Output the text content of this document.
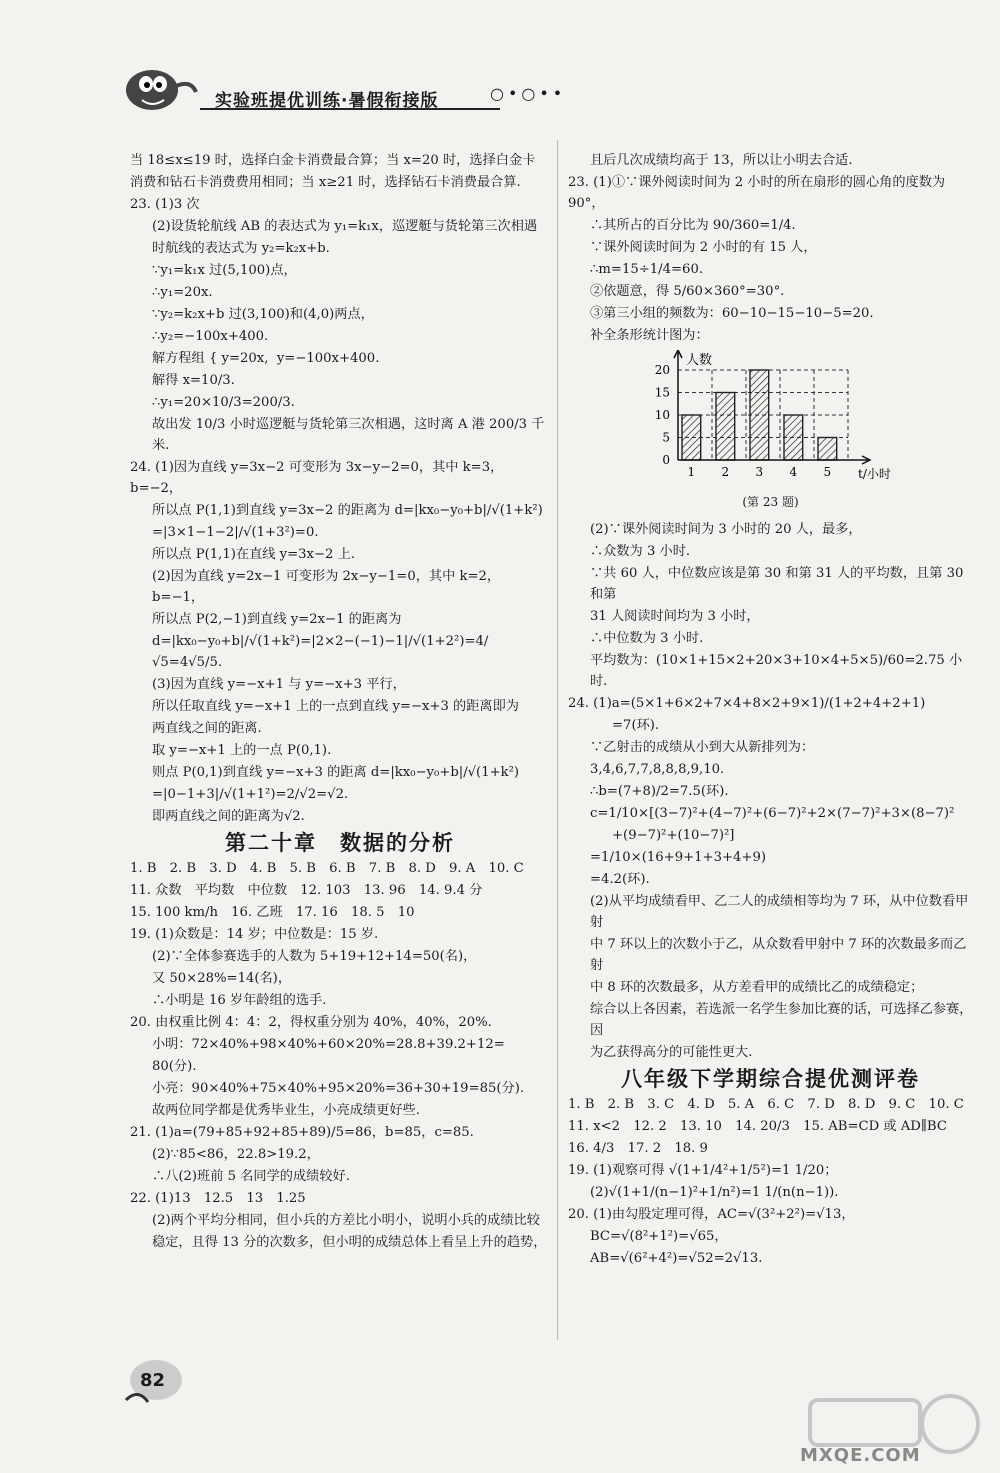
实验班提优训练·暑假衔接版	○•○••

当 18≤x≤19 时，选择白金卡消费最合算；当 x=20 时，选择白金卡

消费和钻石卡消费费用相同；当 x≥21 时，选择钻石卡消费最合算.

23. (1)3 次

(2)设货轮航线 AB 的表达式为 y₁=k₁x，巡逻艇与货轮第三次相遇

时航线的表达式为 y₂=k₂x+b.

∵y₁=k₁x 过(5,100)点，

∴y₁=20x.

∵y₂=k₂x+b 过(3,100)和(4,0)两点，

∴y₂=−100x+400.

解方程组 { y=20x,  y=−100x+400.

解得 x=10/3.

∴y₁=20×10/3=200/3.

故出发 10/3 小时巡逻艇与货轮第三次相遇，这时离 A 港 200/3 千米.

24. (1)因为直线 y=3x−2 可变形为 3x−y−2=0，其中 k=3，b=−2，

所以点 P(1,1)到直线 y=3x−2 的距离为 d=|kx₀−y₀+b|/√(1+k²)

=|3×1−1−2|/√(1+3²)=0.

所以点 P(1,1)在直线 y=3x−2 上.

(2)因为直线 y=2x−1 可变形为 2x−y−1=0，其中 k=2，b=−1，

所以点 P(2,−1)到直线 y=2x−1 的距离为

d=|kx₀−y₀+b|/√(1+k²)=|2×2−(−1)−1|/√(1+2²)=4/√5=4√5/5.

(3)因为直线 y=−x+1 与 y=−x+3 平行，

所以任取直线 y=−x+1 上的一点到直线 y=−x+3 的距离即为

两直线之间的距离.

取 y=−x+1 上的一点 P(0,1).

则点 P(0,1)到直线 y=−x+3 的距离 d=|kx₀−y₀+b|/√(1+k²)

=|0−1+3|/√(1+1²)=2/√2=√2.

即两直线之间的距离为√2.

第二十章　数据的分析

1. B　2. B　3. D　4. B　5. B　6. B　7. B　8. D　9. A　10. C

11. 众数　平均数　中位数　12. 103　13. 96　14. 9.4 分

15. 100 km/h　16. 乙班　17. 16　18. 5　10

19. (1)众数是：14 岁；中位数是：15 岁.

(2)∵全体参赛选手的人数为 5+19+12+14=50(名)，

又 50×28%=14(名)，

∴小明是 16 岁年龄组的选手.

20. 由权重比例 4：4：2，得权重分别为 40%，40%，20%.

小明：72×40%+98×40%+60×20%=28.8+39.2+12=

80(分).

小亮：90×40%+75×40%+95×20%=36+30+19=85(分).

故两位同学都是优秀毕业生，小亮成绩更好些.

21. (1)a=(79+85+92+85+89)/5=86，b=85，c=85.

(2)∵85<86，22.8>19.2，

∴八(2)班前 5 名同学的成绩较好.

22. (1)13　12.5　13　1.25

(2)两个平均分相同，但小兵的方差比小明小，说明小兵的成绩比较

稳定，且得 13 分的次数多，但小明的成绩总体上看呈上升的趋势，

且后几次成绩均高于 13，所以让小明去合适.

23. (1)①∵课外阅读时间为 2 小时的所在扇形的圆心角的度数为 90°，

∴其所占的百分比为 90/360=1/4.

∵课外阅读时间为 2 小时的有 15 人，

∴m=15÷1/4=60.

②依题意，得 5/60×360°=30°.

③第三小组的频数为：60−10−15−10−5=20.

补全条形统计图为：

0
5
10
15
20
1 2 3 4 5
人数
t/小时

(第 23 题)

(2)∵课外阅读时间为 3 小时的 20 人，最多，

∴众数为 3 小时.

∵共 60 人，中位数应该是第 30 和第 31 人的平均数，且第 30 和第

31 人阅读时间均为 3 小时，

∴中位数为 3 小时.

平均数为：(10×1+15×2+20×3+10×4+5×5)/60=2.75 小时.

24. (1)a=(5×1+6×2+7×4+8×2+9×1)/(1+2+4+2+1)

=7(环).

∵乙射击的成绩从小到大从新排列为：

3,4,6,7,7,8,8,8,9,10.

∴b=(7+8)/2=7.5(环).

c=1/10×[(3−7)²+(4−7)²+(6−7)²+2×(7−7)²+3×(8−7)²

+(9−7)²+(10−7)²]

=1/10×(16+9+1+3+4+9)

=4.2(环).

(2)从平均成绩看甲、乙二人的成绩相等均为 7 环，从中位数看甲射

中 7 环以上的次数小于乙，从众数看甲射中 7 环的次数最多而乙射

中 8 环的次数最多，从方差看甲的成绩比乙的成绩稳定；

综合以上各因素，若选派一名学生参加比赛的话，可选择乙参赛，因

为乙获得高分的可能性更大.

八年级下学期综合提优测评卷

1. B　2. B　3. C　4. D　5. A　6. C　7. D　8. D　9. C　10. C

11. x<2　12. 2　13. 10　14. 20/3　15. AB=CD 或 AD∥BC

16. 4/3　17. 2　18. 9

19. (1)观察可得 √(1+1/4²+1/5²)=1 1/20；

(2)√(1+1/(n−1)²+1/n²)=1 1/(n(n−1)).

20. (1)由勾股定理可得，AC=√(3²+2²)=√13，

BC=√(8²+1²)=√65，

AB=√(6²+4²)=√52=2√13.

82
MXQE.COM
